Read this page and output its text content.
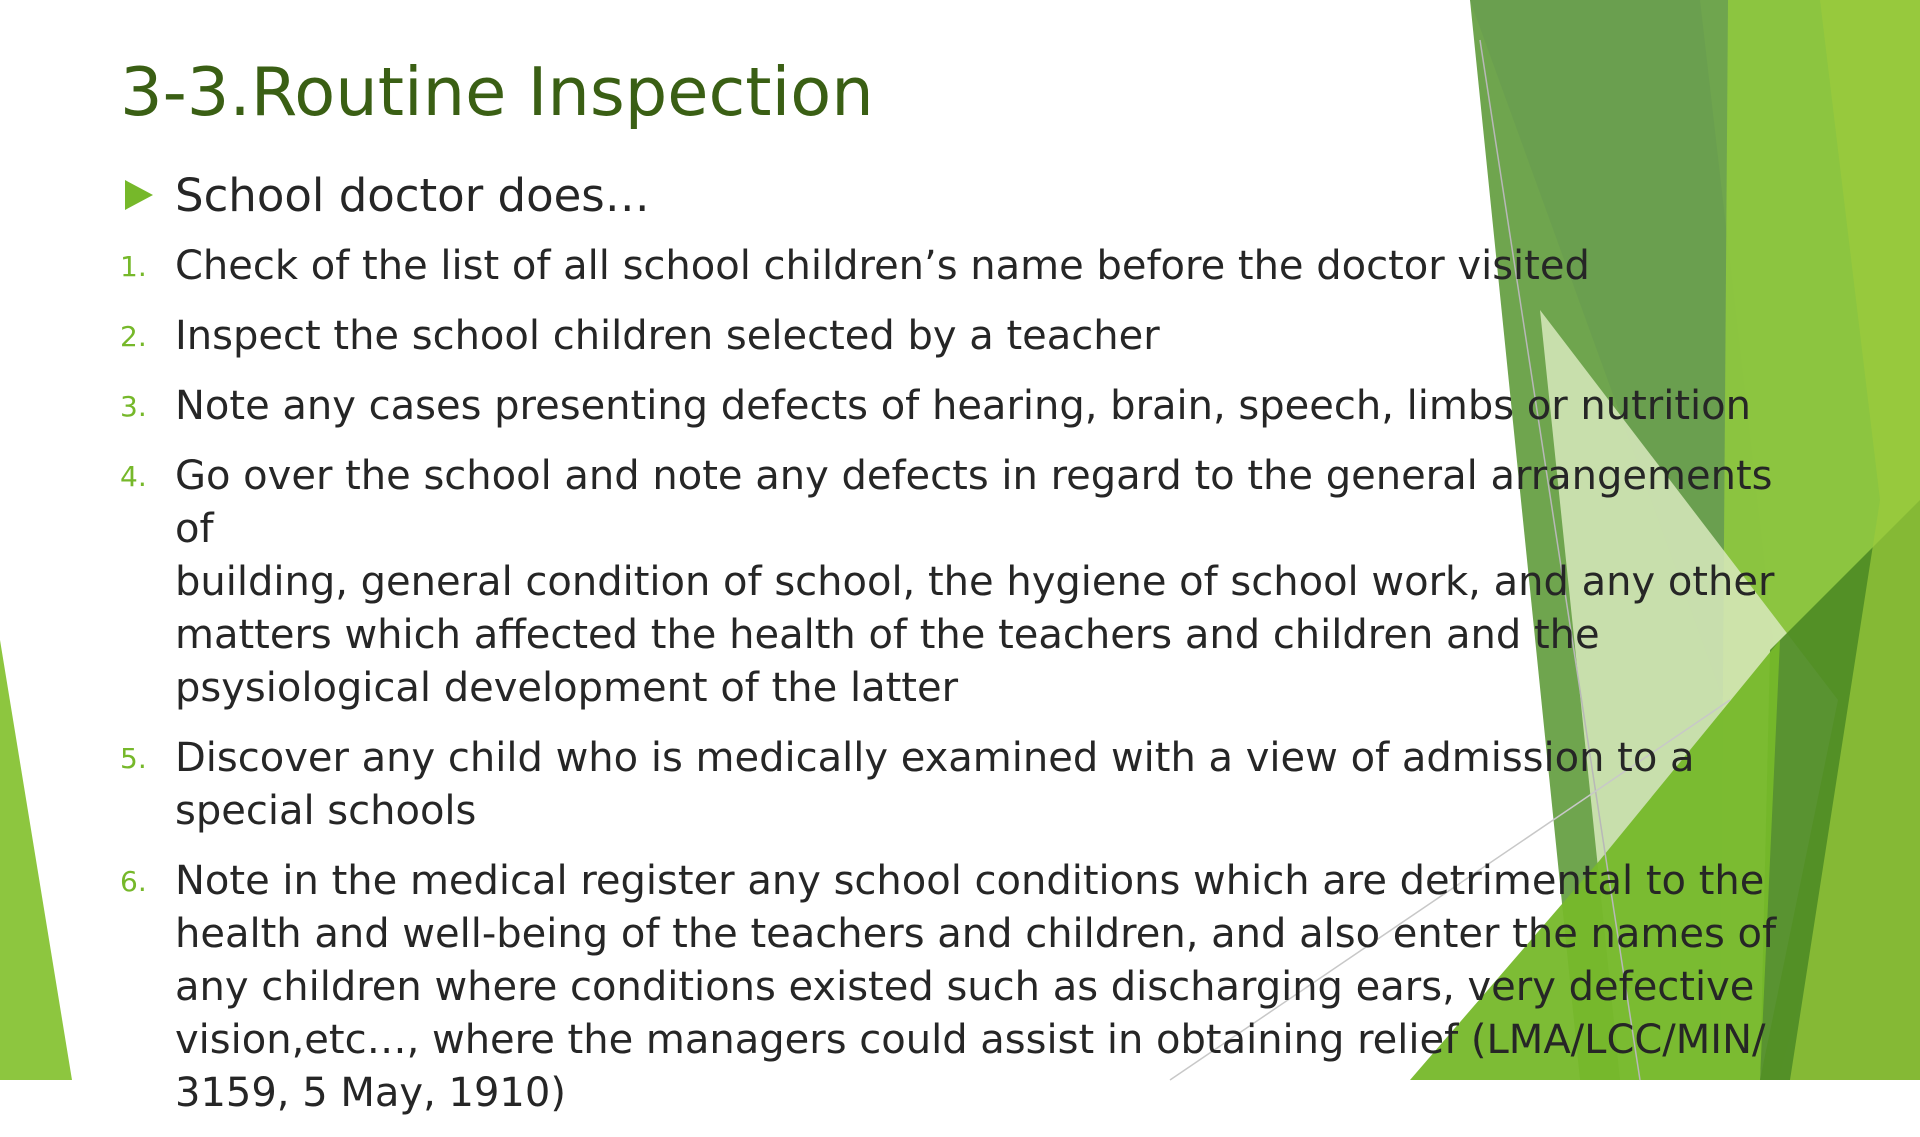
3-3.Routine Inspection
School doctor does…
1. Check of the list of all school children’s name before the doctor visited
2. Inspect the school children selected by a teacher
3. Note any cases presenting defects of hearing, brain, speech, limbs or nutrition
4. Go over the school and note any defects in regard to the general arrangements of
building, general condition of school, the hygiene of school work, and any other
matters which affected the health of the teachers and children and the
psysiological development of the latter
5. Discover any child who is medically examined with a view of admission to a
special schools
6. Note in the medical register any school conditions which are detrimental to the
health and well-being of the teachers and children, and also enter the names of
any children where conditions existed such as discharging ears, very defective
vision,etc…, where the managers could assist in obtaining relief (LMA/LCC/MIN/
3159, 5 May, 1910)
